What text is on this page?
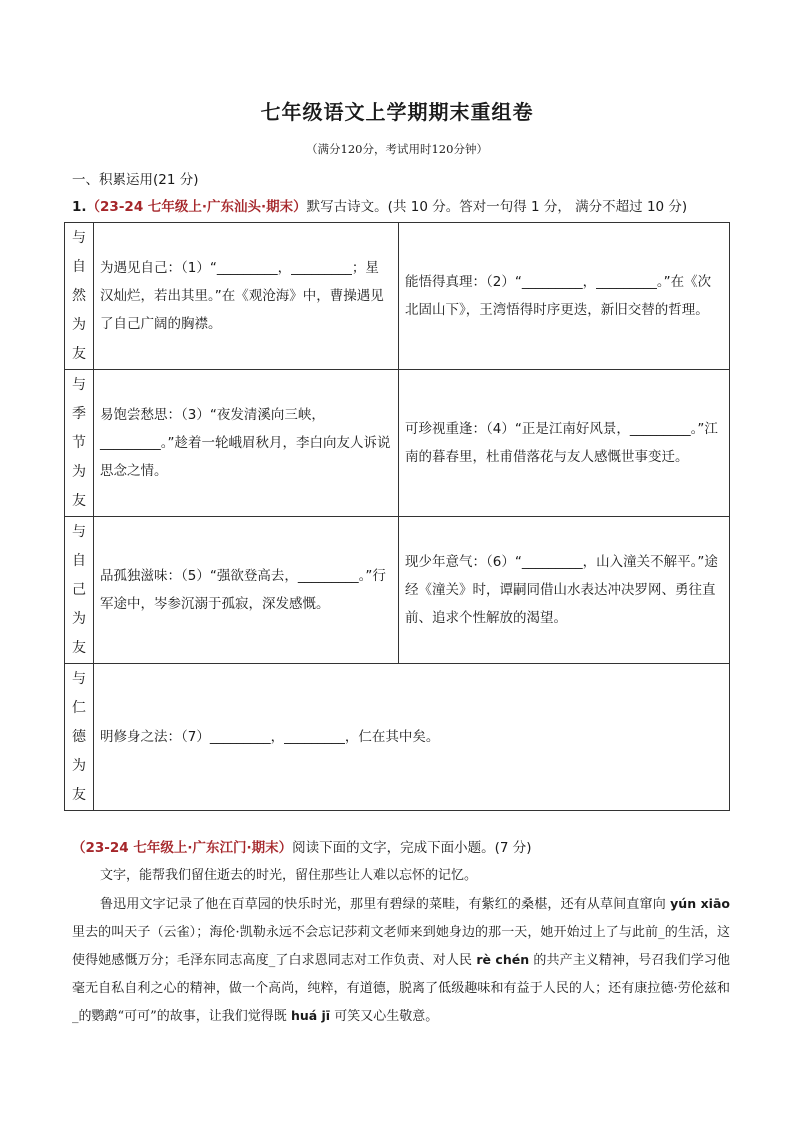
七年级语文上学期期末重组卷
（满分120分，考试用时120分钟）
一、积累运用(21 分)
1.（23-24 七年级上·广东汕头·期末）默写古诗文。(共 10 分。答对一句得 1 分， 满分不超过 10 分)
与
自
然
为
友	为遇见自己：（1）“_________，_________；星汉灿烂，若出其里。”在《观沧海》中，曹操遇见了自己广阔的胸襟。	能悟得真理：（2）“_________，_________。”在《次北固山下》，王湾悟得时序更迭，新旧交替的哲理。

与
季
节
为
友	易饱尝愁思：（3）“夜发清溪向三峡，_________。”趁着一轮峨眉秋月，李白向友人诉说思念之情。	可珍视重逢：（4）“正是江南好风景，_________。”江南的暮春里，杜甫借落花与友人感慨世事变迁。

与
自
己
为
友	品孤独滋味：（5）“强欲登高去，_________。”行军途中，岑参沉溺于孤寂，深发感慨。	现少年意气：（6）“_________，山入潼关不解平。”途经《潼关》时，谭嗣同借山水表达冲决罗网、勇往直前、追求个性解放的渴望。

与
仁
德
为
友	明修身之法：（7）_________，_________，仁在其中矣。	
（23-24 七年级上·广东江门·期末）阅读下面的文字，完成下面小题。(7 分)
文字，能帮我们留住逝去的时光，留住那些让人难以忘怀的记忆。
鲁迅用文字记录了他在百草园的快乐时光，那里有碧绿的菜畦，有紫红的桑椹，还有从草间直窜向 yún xiāo 里去的叫天子（云雀）；海伦·凯勒永远不会忘记莎莉文老师来到她身边的那一天，她开始过上了与此前_的生活，这使得她感慨万分；毛泽东同志高度_了白求恩同志对工作负责、对人民 rè chén 的共产主义精神，号召我们学习他毫无自私自利之心的精神，做一个高尚，纯粹，有道德，脱离了低级趣味和有益于人民的人；还有康拉德·劳伦兹和_的鹦鹉“可可”的故事，让我们觉得既 huá jī 可笑又心生敬意。
